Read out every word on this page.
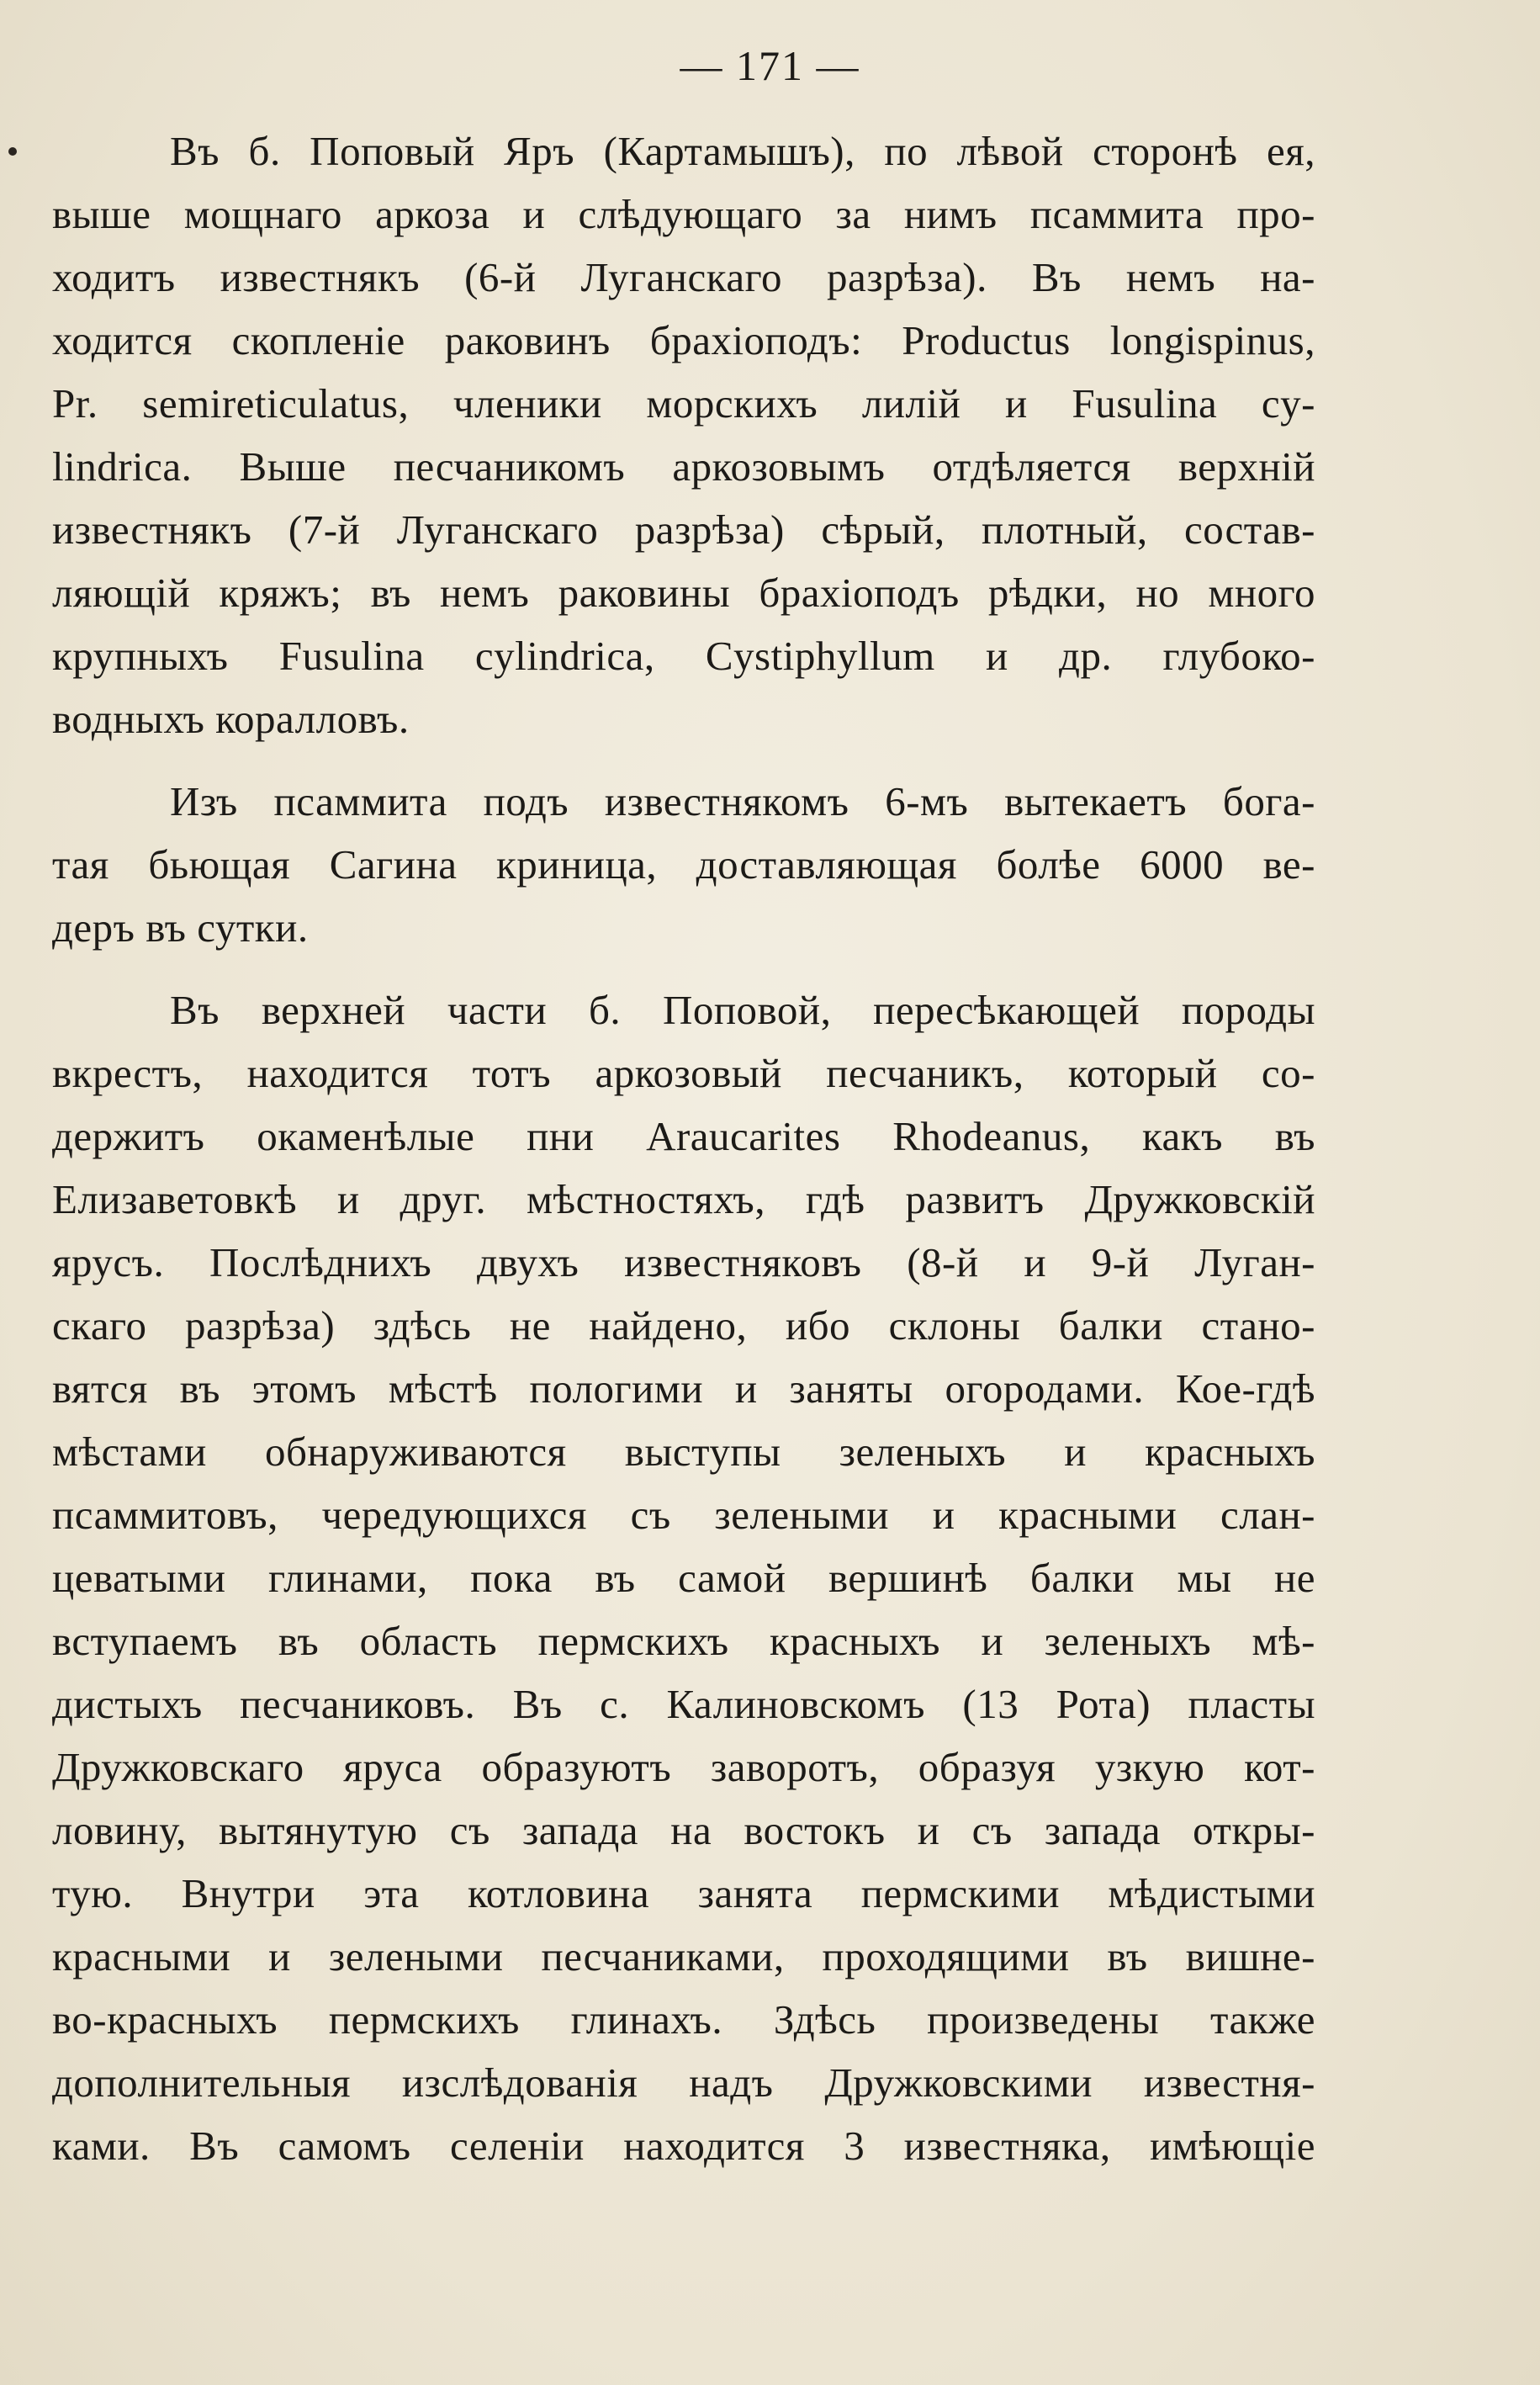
— 171 —
Въ б. Поповый Яръ (Картамышъ), по лѣвой сторонѣ ея,
выше мощнаго аркоза и слѣдующаго за нимъ псаммита про-
ходитъ известнякъ (6-й Луганскаго разрѣза). Въ немъ на-
ходится скопленіе раковинъ брахіоподъ: Productus longispinus,
Pr. semireticulatus, членики морскихъ лилій и Fusulina cy-
lindrica. Выше песчаникомъ аркозовымъ отдѣляется верхній
известнякъ (7-й Луганскаго разрѣза) сѣрый, плотный, состав-
ляющій кряжъ; въ немъ раковины брахіоподъ рѣдки, но много
крупныхъ Fusulina cylindrica, Cystiphyllum и др. глубоко-
водныхъ коралловъ.
Изъ псаммита подъ известнякомъ 6-мъ вытекаетъ бога-
тая бьющая Сагина криница, доставляющая болѣе 6000 ве-
деръ въ сутки.
Въ верхней части б. Поповой, пересѣкающей породы
вкрестъ, находится тотъ аркозовый песчаникъ, который со-
держитъ окаменѣлые пни Araucarites Rhodeanus, какъ въ
Елизаветовкѣ и друг. мѣстностяхъ, гдѣ развитъ Дружковскій
ярусъ. Послѣднихъ двухъ известняковъ (8-й и 9-й Луган-
скаго разрѣза) здѣсь не найдено, ибо склоны балки стано-
вятся въ этомъ мѣстѣ пологими и заняты огородами. Кое-гдѣ
мѣстами обнаруживаются выступы зеленыхъ и красныхъ
псаммитовъ, чередующихся съ зелеными и красными слан-
цеватыми глинами, пока въ самой вершинѣ балки мы не
вступаемъ въ область пермскихъ красныхъ и зеленыхъ мѣ-
дистыхъ песчаниковъ. Въ с. Калиновскомъ (13 Рота) пласты
Дружковскаго яруса образуютъ заворотъ, образуя узкую кот-
ловину, вытянутую съ запада на востокъ и съ запада откры-
тую. Внутри эта котловина занята пермскими мѣдистыми
красными и зелеными песчаниками, проходящими въ вишне-
во-красныхъ пермскихъ глинахъ. Здѣсь произведены также
дополнительныя изслѣдованія надъ Дружковскими известня-
ками. Въ самомъ селеніи находится 3 известняка, имѣющіе
